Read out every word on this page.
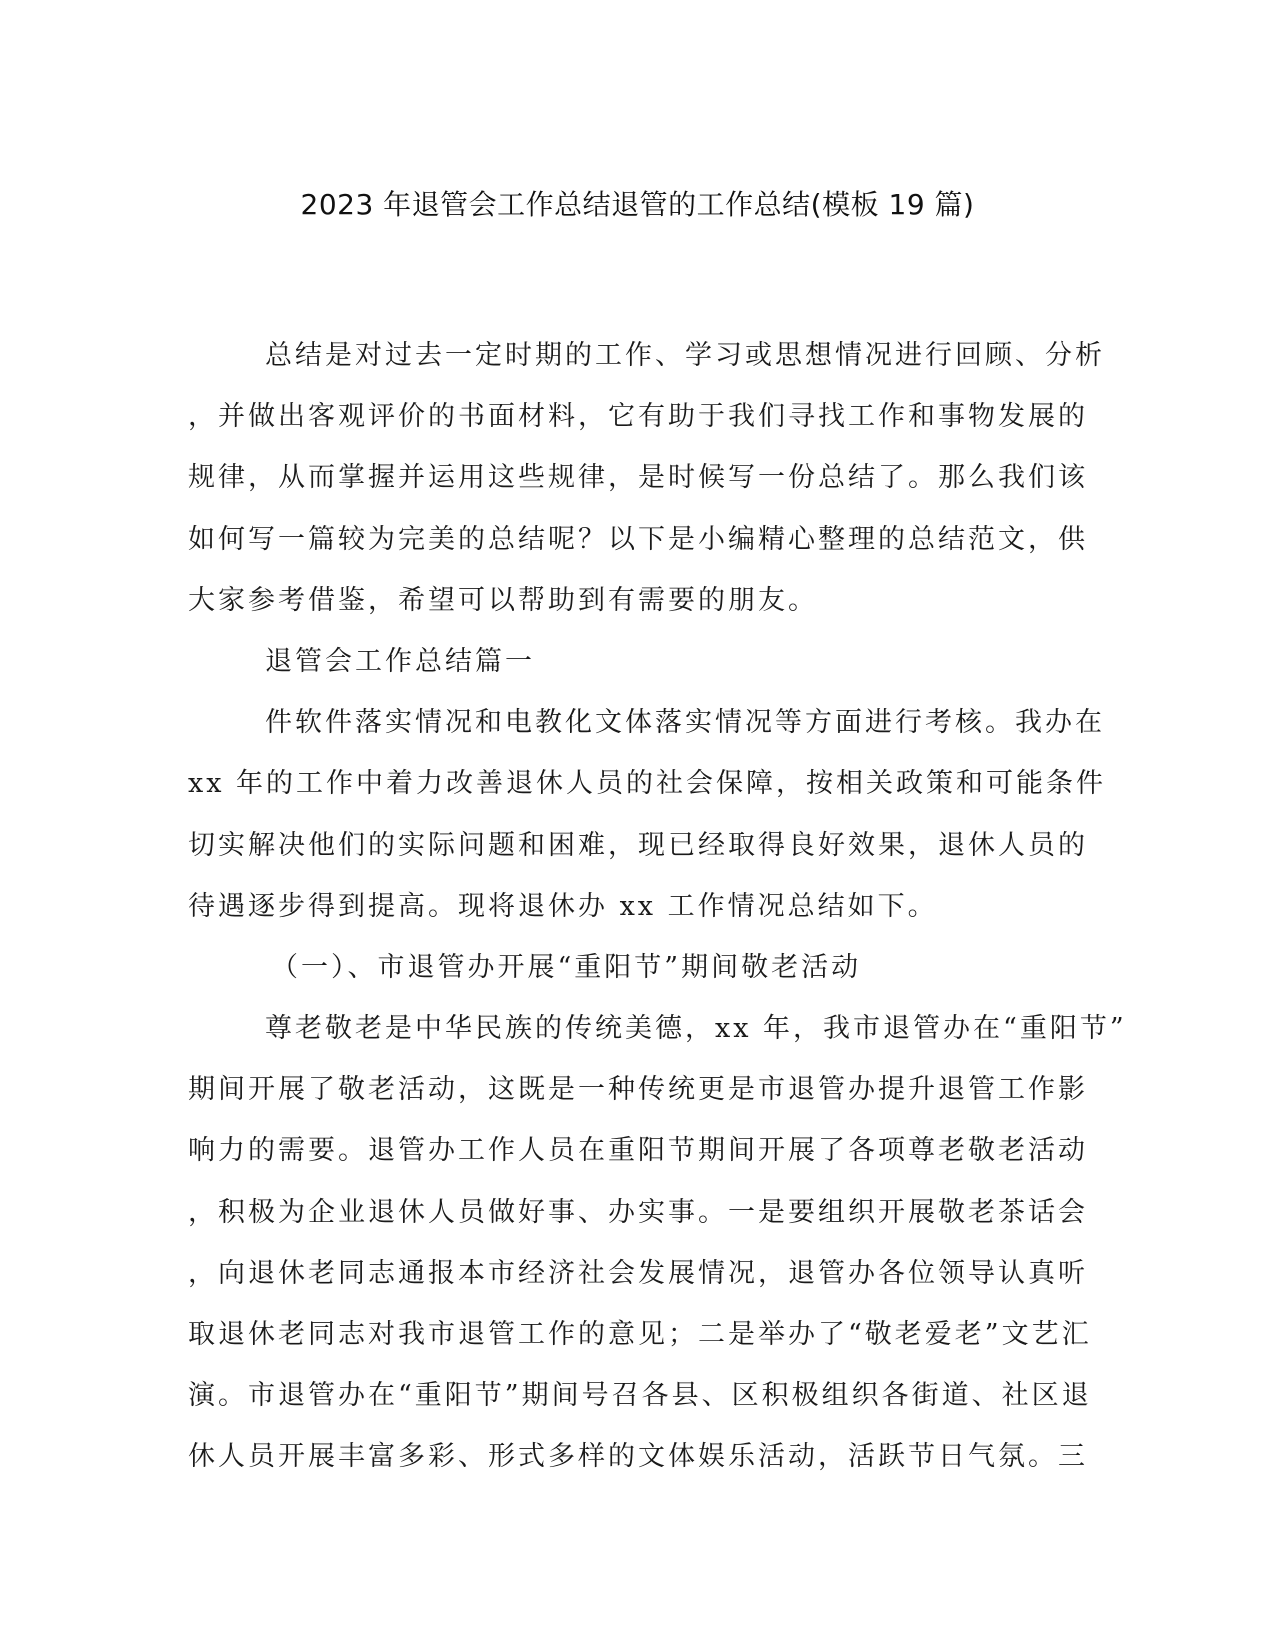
2023 年退管会工作总结退管的工作总结(模板 19 篇)
总结是对过去一定时期的工作、学习或思想情况进行回顾、分析
，并做出客观评价的书面材料，它有助于我们寻找工作和事物发展的
规律，从而掌握并运用这些规律，是时候写一份总结了。那么我们该
如何写一篇较为完美的总结呢？以下是小编精心整理的总结范文，供
大家参考借鉴，希望可以帮助到有需要的朋友。
退管会工作总结篇一
件软件落实情况和电教化文体落实情况等方面进行考核。我办在
xx 年的工作中着力改善退休人员的社会保障，按相关政策和可能条件
切实解决他们的实际问题和困难，现已经取得良好效果，退休人员的
待遇逐步得到提高。现将退休办 xx 工作情况总结如下。
（一）、市退管办开展“重阳节”期间敬老活动
尊老敬老是中华民族的传统美德，xx 年，我市退管办在“重阳节”
期间开展了敬老活动，这既是一种传统更是市退管办提升退管工作影
响力的需要。退管办工作人员在重阳节期间开展了各项尊老敬老活动
，积极为企业退休人员做好事、办实事。一是要组织开展敬老茶话会
，向退休老同志通报本市经济社会发展情况，退管办各位领导认真听
取退休老同志对我市退管工作的意见；二是举办了“敬老爱老”文艺汇
演。市退管办在“重阳节”期间号召各县、区积极组织各街道、社区退
休人员开展丰富多彩、形式多样的文体娱乐活动，活跃节日气氛。三
